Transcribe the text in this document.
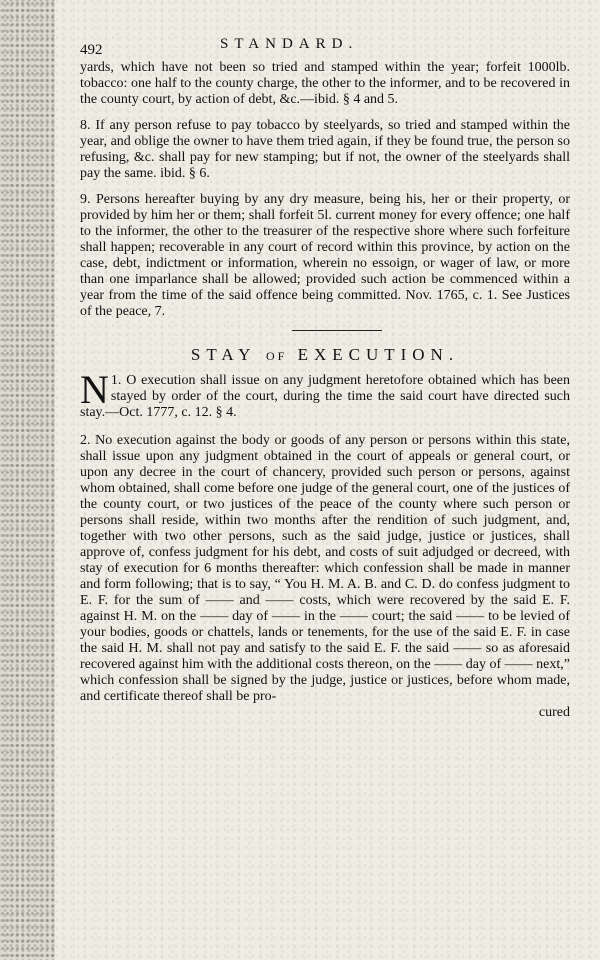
492	STANDARD.

yards, which have not been so tried and stamped within the year; forfeit 1000lb. tobacco: one half to the county charge, the other to the informer, and to be recovered in the county court, by action of debt, &c.—ibid. § 4 and 5.

8. If any person refuse to pay tobacco by steelyards, so tried and stamped within the year, and oblige the owner to have them tried again, if they be found true, the person so refusing, &c. shall pay for new stamping; but if not, the owner of the steelyards shall pay the same. ibid. § 6.

9. Persons hereafter buying by any dry measure, being his, her or their property, or provided by him her or them; shall forfeit 5l. current money for every offence; one half to the informer, the other to the treasurer of the respective shore where such forfeiture shall happen; recoverable in any court of record within this province, by action on the case, debt, indictment or information, wherein no essoign, or wager of law, or more than one imparlance shall be allowed; provided such action be commenced within a year from the time of the said offence being committed. Nov. 1765, c. 1. See Justices of the peace, 7.

STAY OF EXECUTION.

1.
N O execution shall issue on any judgment heretofore obtained which has been stayed by order of the court, during the time the said court have directed such stay.—Oct. 1777, c. 12. § 4.

2. No execution against the body or goods of any person or persons within this state, shall issue upon any judgment obtained in the court of appeals or general court, or upon any decree in the court of chancery, provided such person or persons, against whom obtained, shall come before one judge of the general court, one of the justices of the county court, or two justices of the peace of the county where such person or persons shall reside, within two months after the rendition of such judgment, and, together with two other persons, such as the said judge, justice or justices, shall approve of, confess judgment for his debt, and costs of suit adjudged or decreed, with stay of execution for 6 months thereafter: which confession shall be made in manner and form following; that is to say, “ You H. M. A. B. and C. D. do confess judgment to E. F. for the sum of —— and —— costs, which were recovered by the said E. F. against H. M. on the —— day of —— in the —— court; the said —— to be levied of your bodies, goods or chattels, lands or tenements, for the use of the said E. F. in case the said H. M. shall not pay and satisfy to the said E. F. the said —— so as aforesaid recovered against him with the additional costs thereon, on the —— day of —— next,” which confession shall be signed by the judge, justice or justices, before whom made, and certificate thereof shall be pro-

cured
